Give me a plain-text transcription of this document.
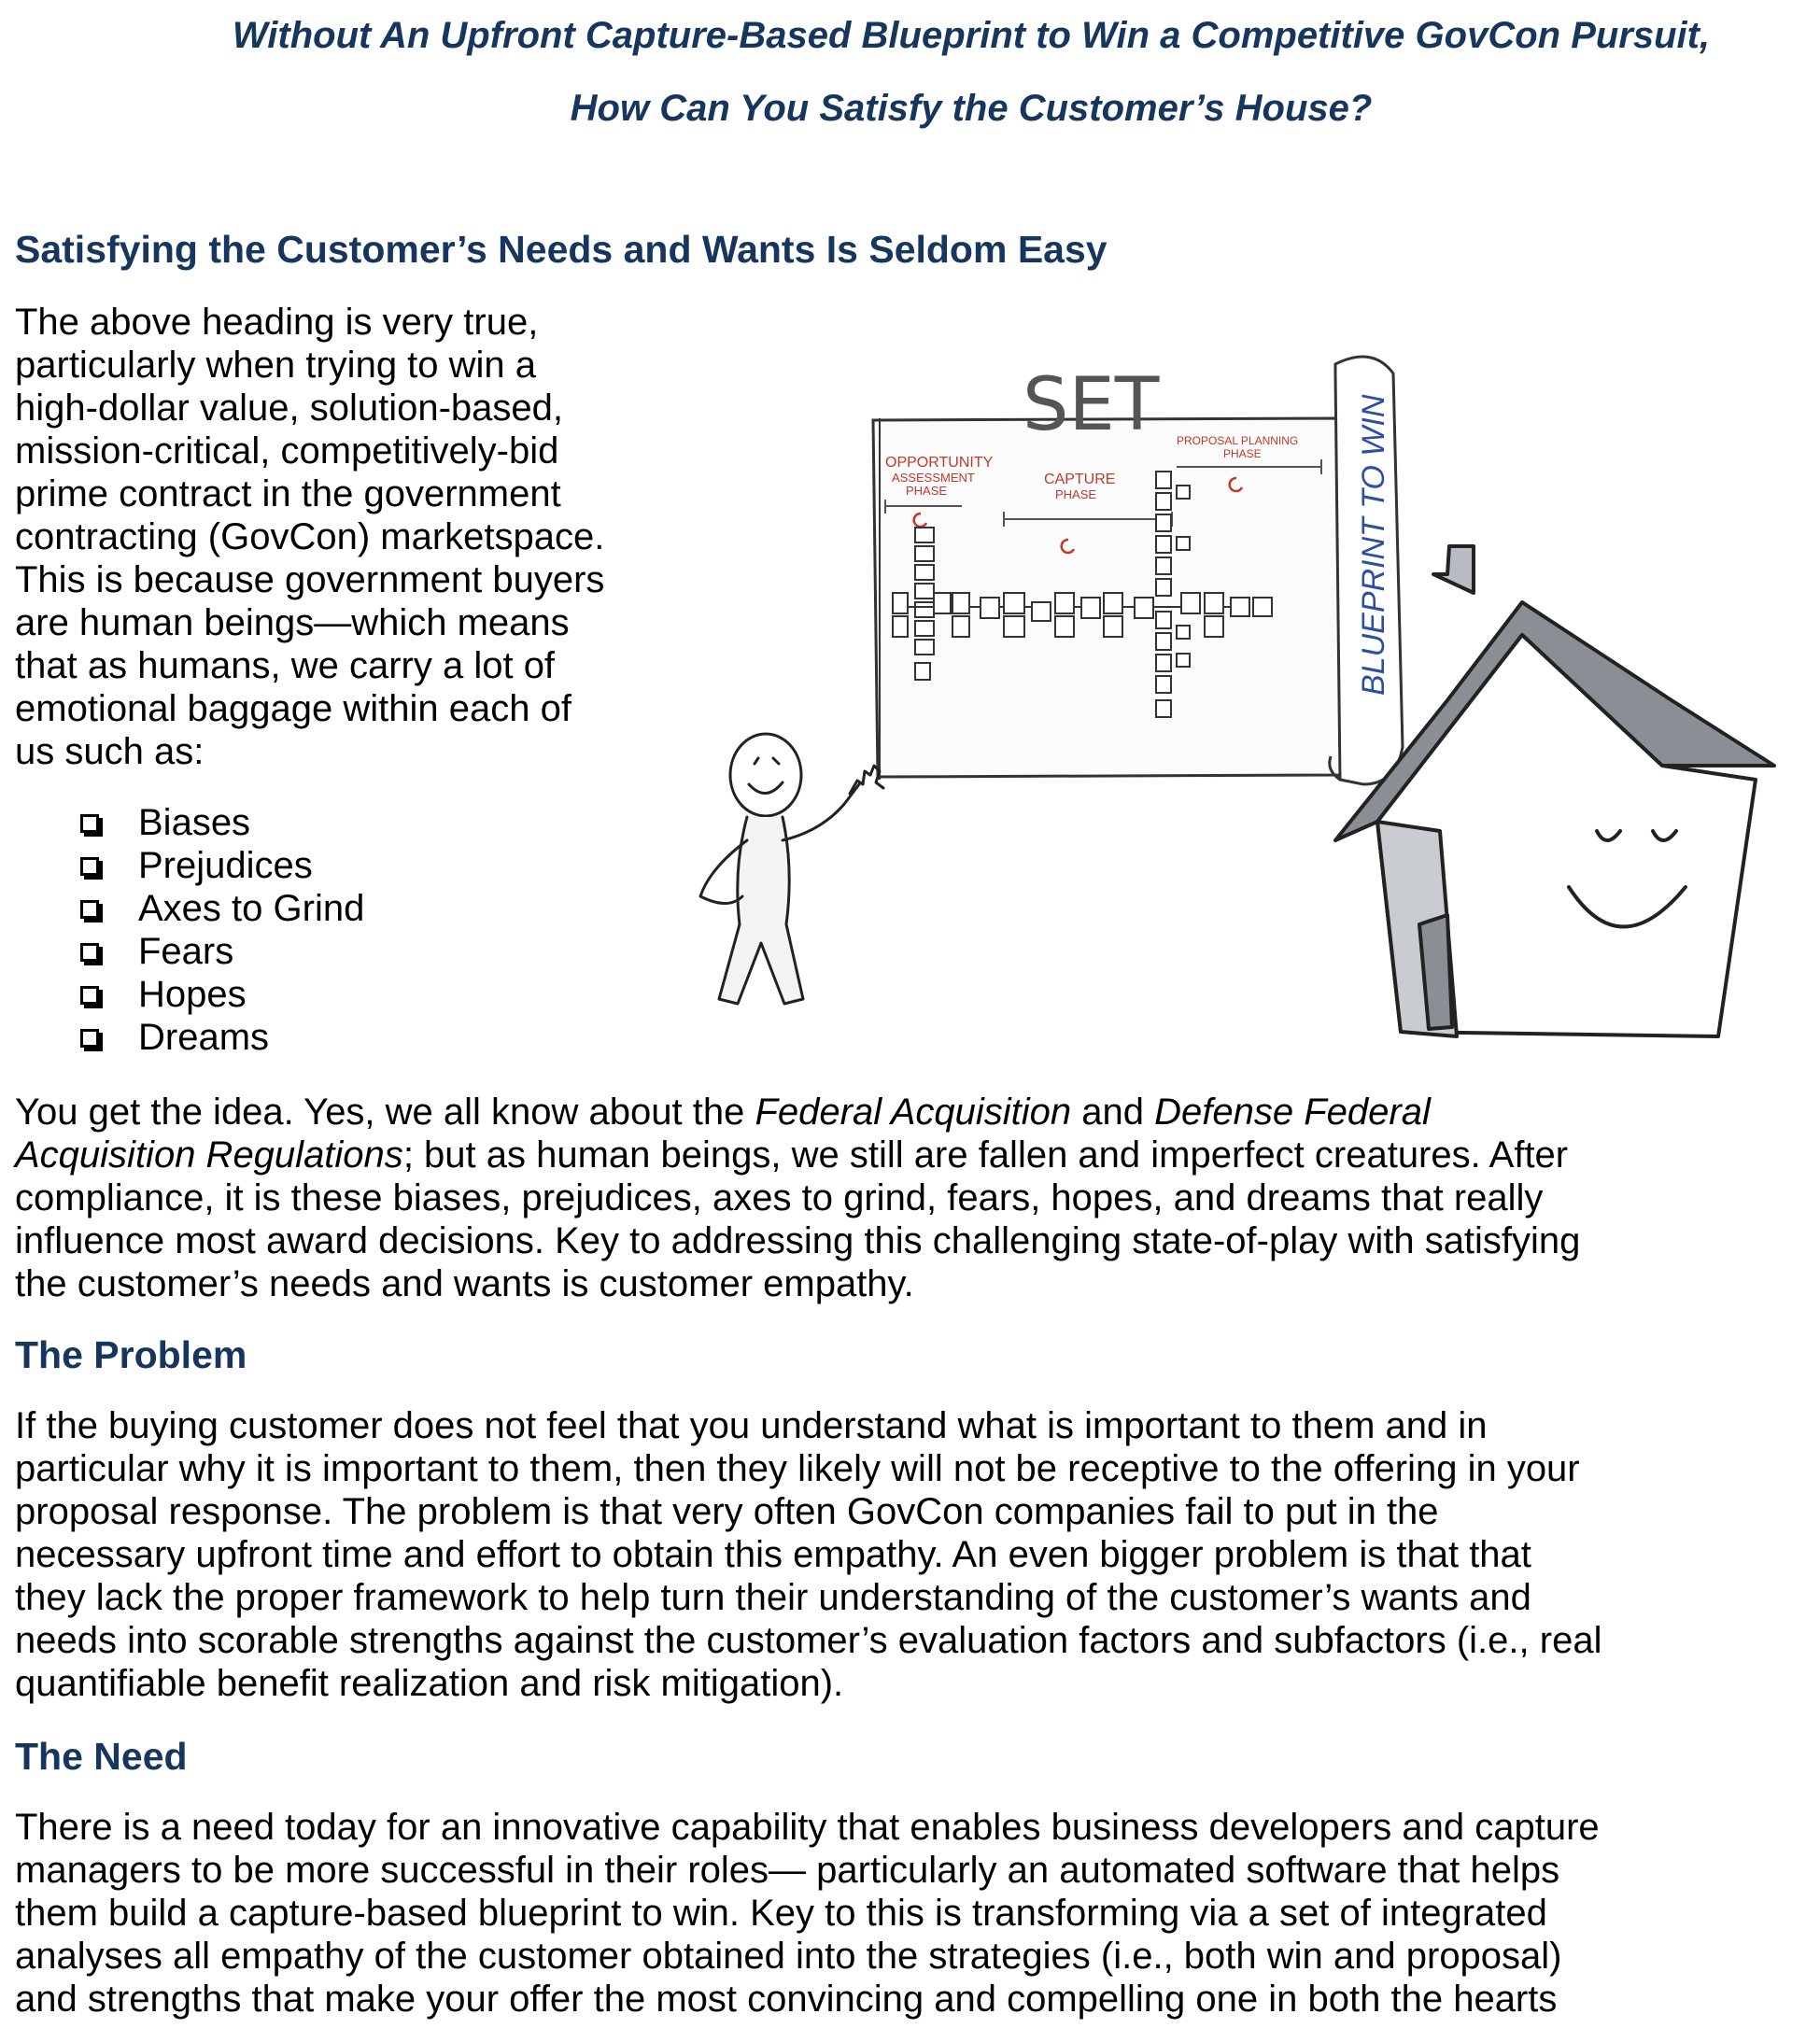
Without An Upfront Capture-Based Blueprint to Win a Competitive GovCon Pursuit,
How Can You Satisfy the Customer’s House?
Satisfying the Customer’s Needs and Wants Is Seldom Easy
The above heading is very true,
particularly when trying to win a
high-dollar value, solution-based,
mission-critical, competitively-bid
prime contract in the government
contracting (GovCon) marketspace.
This is because government buyers
are human beings—which means
that as humans, we carry a lot of
emotional baggage within each of
us such as:
Biases
Prejudices
Axes to Grind
Fears
Hopes
Dreams
BLUEPRINT TO WIN
SET
OPPORTUNITY
ASSESSMENT
PHASE
CAPTURE
PHASE
PROPOSAL PLANNING
PHASE
You get the idea. Yes, we all know about the Federal Acquisition and Defense Federal
Acquisition Regulations; but as human beings, we still are fallen and imperfect creatures. After
compliance, it is these biases, prejudices, axes to grind, fears, hopes, and dreams that really
influence most award decisions. Key to addressing this challenging state-of-play with satisfying
the customer’s needs and wants is customer empathy.
The Problem
If the buying customer does not feel that you understand what is important to them and in
particular why it is important to them, then they likely will not be receptive to the offering in your
proposal response. The problem is that very often GovCon companies fail to put in the
necessary upfront time and effort to obtain this empathy. An even bigger problem is that that
they lack the proper framework to help turn their understanding of the customer’s wants and
needs into scorable strengths against the customer’s evaluation factors and subfactors (i.e., real
quantifiable benefit realization and risk mitigation).
The Need
There is a need today for an innovative capability that enables business developers and capture
managers to be more successful in their roles— particularly an automated software that helps
them build a capture-based blueprint to win. Key to this is transforming via a set of integrated
analyses all empathy of the customer obtained into the strategies (i.e., both win and proposal)
and strengths that make your offer the most convincing and compelling one in both the hearts
